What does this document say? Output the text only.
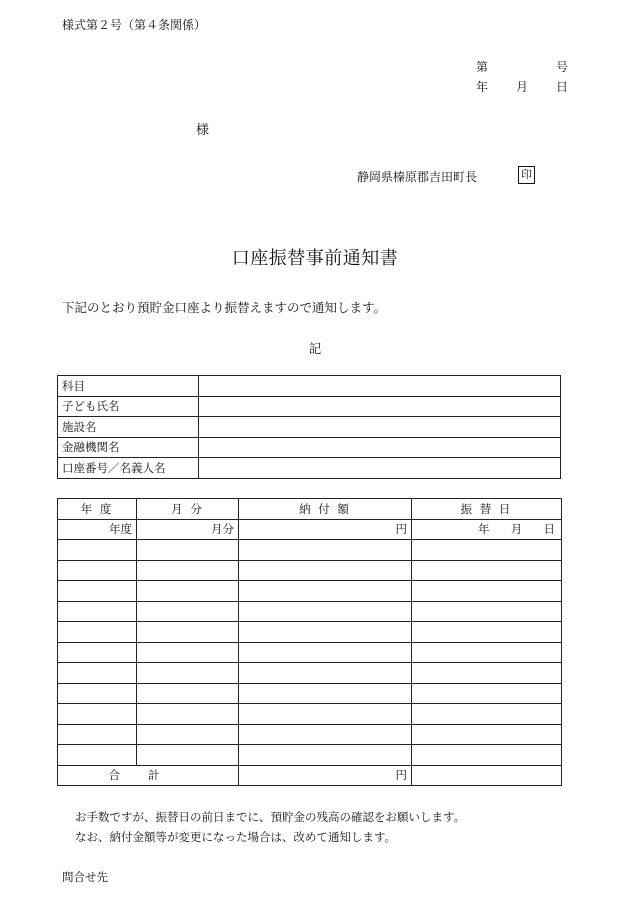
様式第２号（第４条関係）
第	号
年 月 日
様
静岡県榛原郡吉田町長	印
口座振替事前通知書
下記のとおり預貯金口座より振替えますので通知します。
記
科目	
子ども氏名	
施設名	
金融機関名	
口座番号／名義人名	
年 度	月 分	納 付 額	振 替 日
年度	月分	円	年 月 日

合計		円	
お手数ですが、振替日の前日までに、預貯金の残高の確認をお願いします。
なお、納付金額等が変更になった場合は、改めて通知します。
問合せ先
